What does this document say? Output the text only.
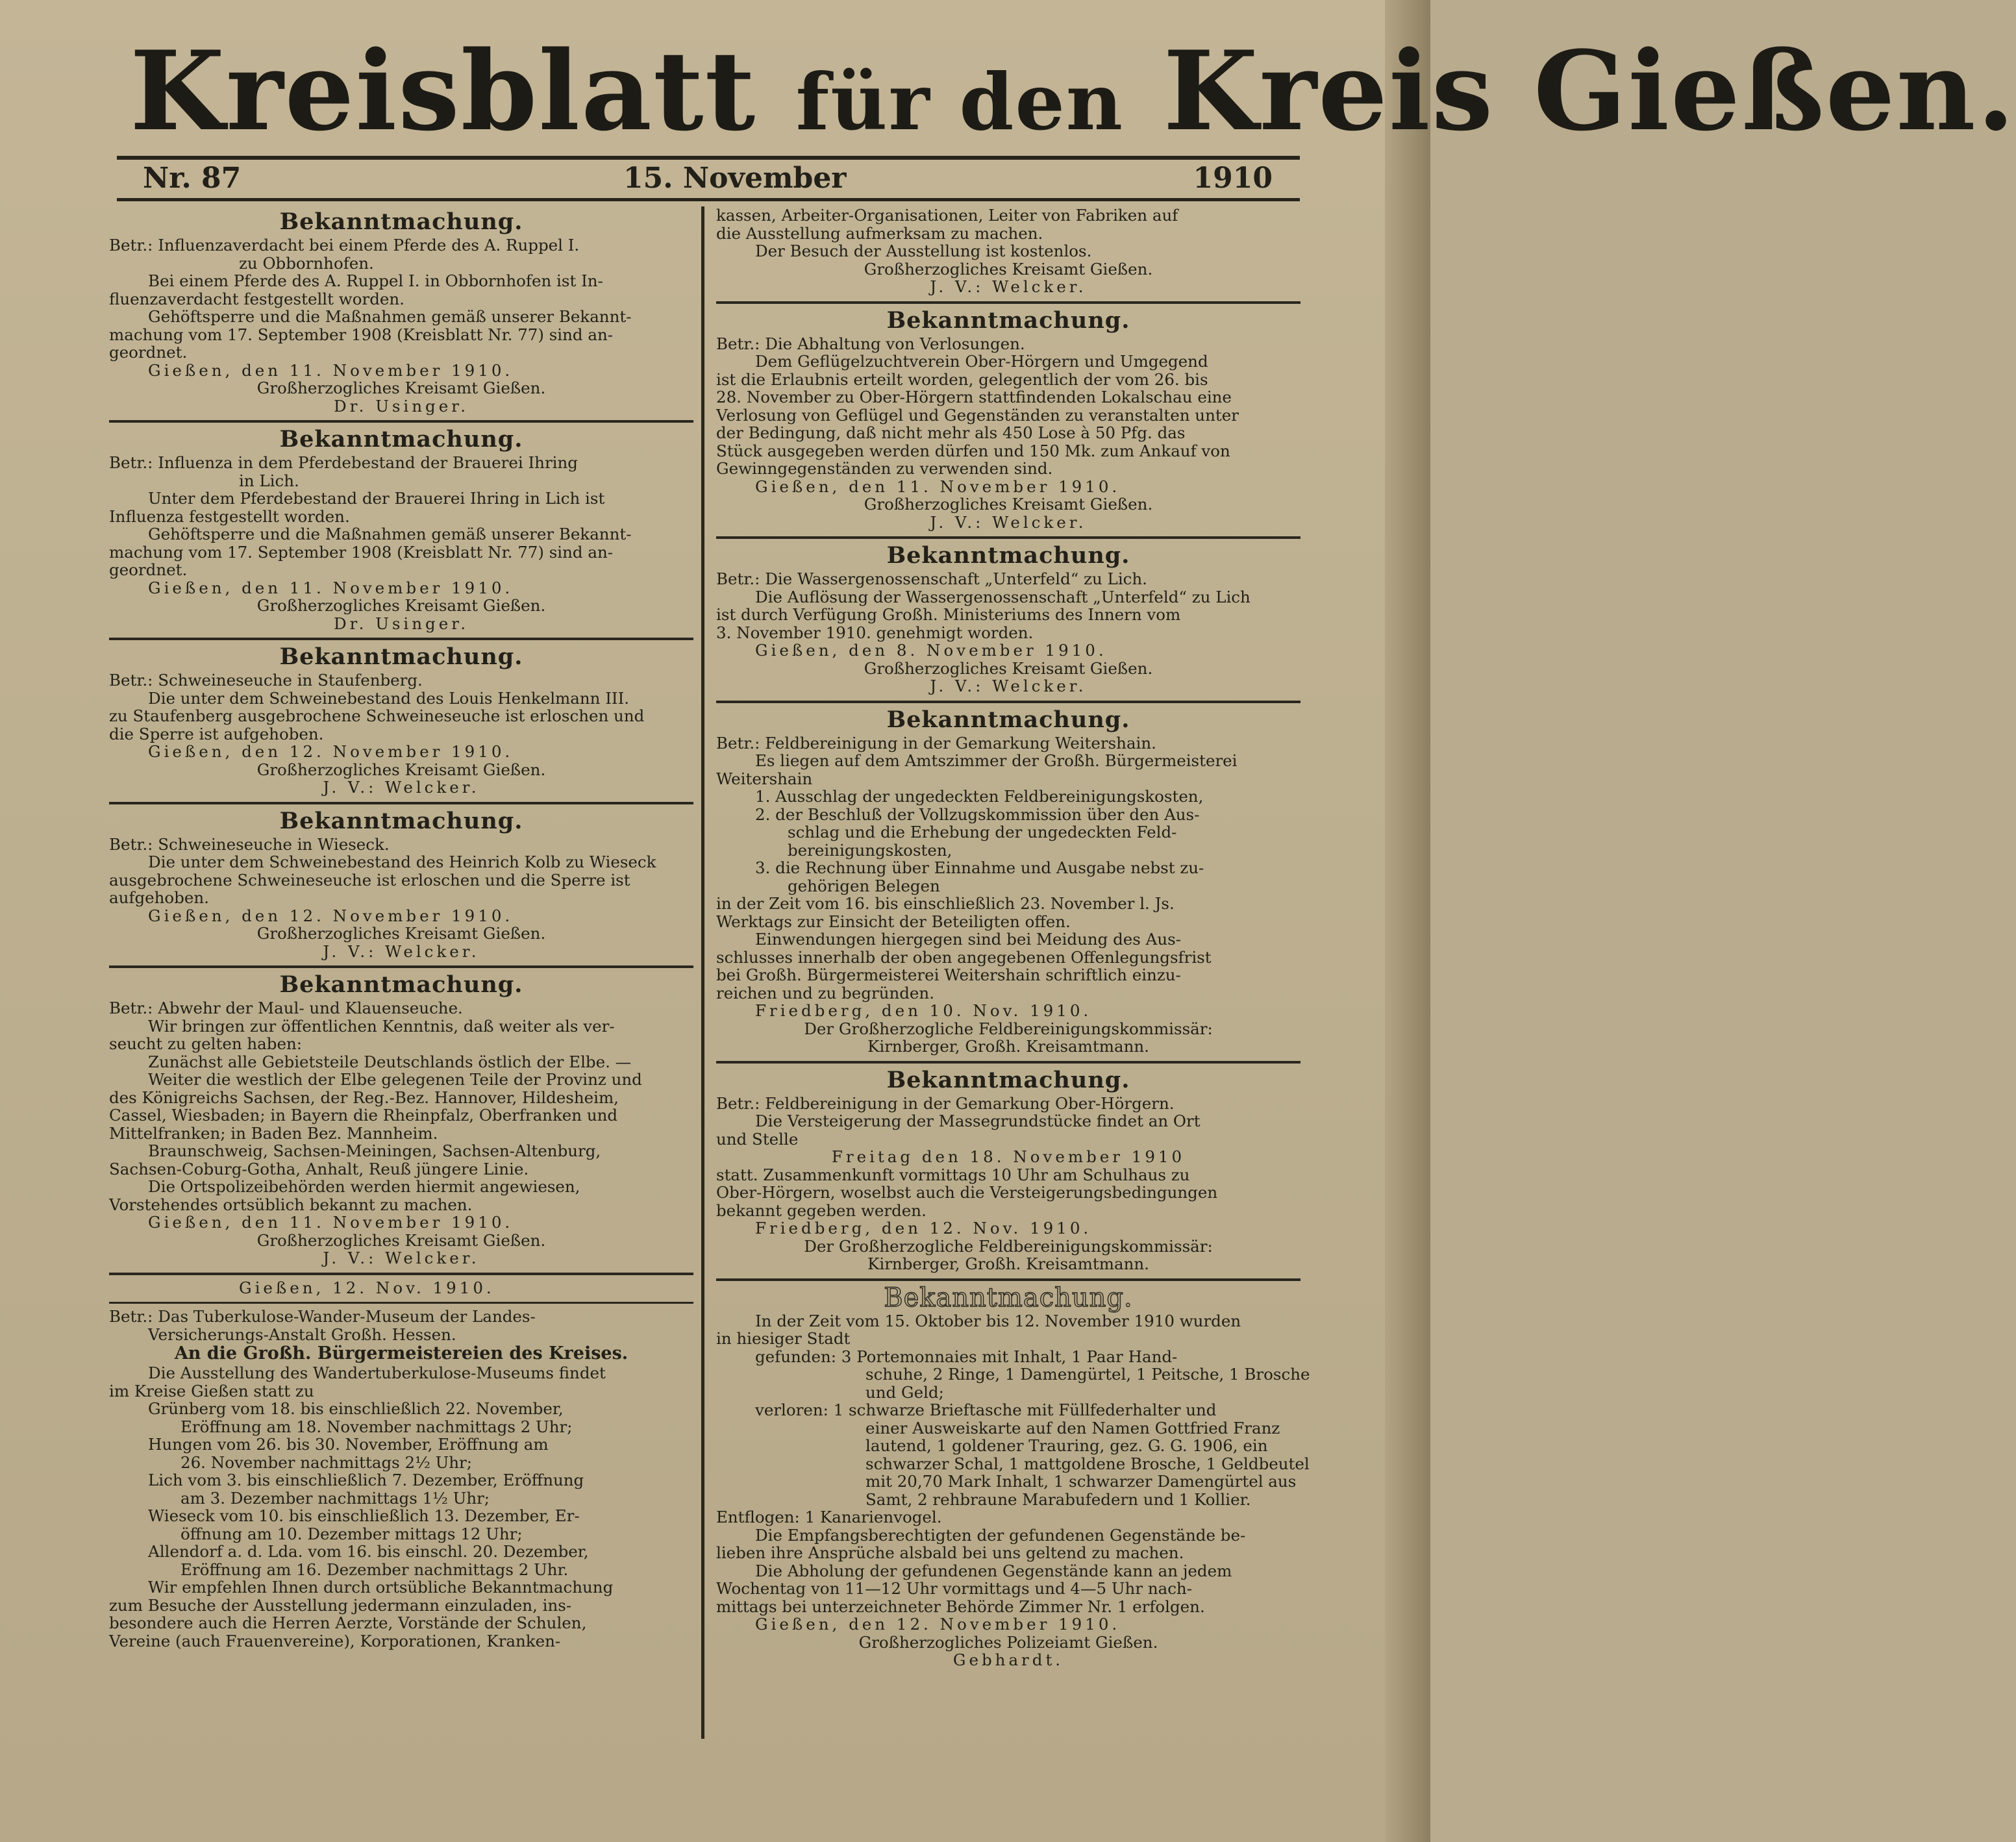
Kreisblatt für den Kreis Gießen.
Nr. 87	15. November	1910
Bekanntmachung.

Betr.: Influenzaverdacht bei einem Pferde des A. Ruppel I.

zu Obbornhofen.

Bei einem Pferde des A. Ruppel I. in Obbornhofen ist In-

fluenzaverdacht festgestellt worden.

Gehöftsperre und die Maßnahmen gemäß unserer Bekannt-

machung vom 17. September 1908 (Kreisblatt Nr. 77) sind an-

geordnet.

Gießen, den 11. November 1910.

Großherzogliches Kreisamt Gießen.

Dr. Usinger.

Bekanntmachung.

Betr.: Influenza in dem Pferdebestand der Brauerei Ihring

in Lich.

Unter dem Pferdebestand der Brauerei Ihring in Lich ist

Influenza festgestellt worden.

Gehöftsperre und die Maßnahmen gemäß unserer Bekannt-

machung vom 17. September 1908 (Kreisblatt Nr. 77) sind an-

geordnet.

Gießen, den 11. November 1910.

Großherzogliches Kreisamt Gießen.

Dr. Usinger.

Bekanntmachung.

Betr.: Schweineseuche in Staufenberg.

Die unter dem Schweinebestand des Louis Henkelmann III.

zu Staufenberg ausgebrochene Schweineseuche ist erloschen und

die Sperre ist aufgehoben.

Gießen, den 12. November 1910.

Großherzogliches Kreisamt Gießen.

J. V.: Welcker.

Bekanntmachung.

Betr.: Schweineseuche in Wieseck.

Die unter dem Schweinebestand des Heinrich Kolb zu Wieseck

ausgebrochene Schweineseuche ist erloschen und die Sperre ist

aufgehoben.

Gießen, den 12. November 1910.

Großherzogliches Kreisamt Gießen.

J. V.: Welcker.

Bekanntmachung.

Betr.: Abwehr der Maul- und Klauenseuche.

Wir bringen zur öffentlichen Kenntnis, daß weiter als ver-

seucht zu gelten haben:

Zunächst alle Gebietsteile Deutschlands östlich der Elbe. —

Weiter die westlich der Elbe gelegenen Teile der Provinz und

des Königreichs Sachsen, der Reg.-Bez. Hannover, Hildesheim,

Cassel, Wiesbaden; in Bayern die Rheinpfalz, Oberfranken und

Mittelfranken; in Baden Bez. Mannheim.

Braunschweig, Sachsen-Meiningen, Sachsen-Altenburg,

Sachsen-Coburg-Gotha, Anhalt, Reuß jüngere Linie.

Die Ortspolizeibehörden werden hiermit angewiesen,

Vorstehendes ortsüblich bekannt zu machen.

Gießen, den 11. November 1910.

Großherzogliches Kreisamt Gießen.

J. V.: Welcker.

Gießen, 12. Nov. 1910.

Betr.: Das Tuberkulose-Wander-Museum der Landes-

Versicherungs-Anstalt Großh. Hessen.

An die Großh. Bürgermeistereien des Kreises.

Die Ausstellung des Wandertuberkulose-Museums findet

im Kreise Gießen statt zu

Grünberg vom 18. bis einschließlich 22. November,

Eröffnung am 18. November nachmittags 2 Uhr;

Hungen vom 26. bis 30. November, Eröffnung am

26. November nachmittags 2½ Uhr;

Lich vom 3. bis einschließlich 7. Dezember, Eröffnung

am 3. Dezember nachmittags 1½ Uhr;

Wieseck vom 10. bis einschließlich 13. Dezember, Er-

öffnung am 10. Dezember mittags 12 Uhr;

Allendorf a. d. Lda. vom 16. bis einschl. 20. Dezember,

Eröffnung am 16. Dezember nachmittags 2 Uhr.

Wir empfehlen Ihnen durch ortsübliche Bekanntmachung

zum Besuche der Ausstellung jedermann einzuladen, ins-

besondere auch die Herren Aerzte, Vorstände der Schulen,

Vereine (auch Frauenvereine), Korporationen, Kranken-

kassen, Arbeiter-Organisationen, Leiter von Fabriken auf

die Ausstellung aufmerksam zu machen.

Der Besuch der Ausstellung ist kostenlos.

Großherzogliches Kreisamt Gießen.

J. V.: Welcker.

Bekanntmachung.

Betr.: Die Abhaltung von Verlosungen.

Dem Geflügelzuchtverein Ober-Hörgern und Umgegend

ist die Erlaubnis erteilt worden, gelegentlich der vom 26. bis

28. November zu Ober-Hörgern stattfindenden Lokalschau eine

Verlosung von Geflügel und Gegenständen zu veranstalten unter

der Bedingung, daß nicht mehr als 450 Lose à 50 Pfg. das

Stück ausgegeben werden dürfen und 150 Mk. zum Ankauf von

Gewinngegenständen zu verwenden sind.

Gießen, den 11. November 1910.

Großherzogliches Kreisamt Gießen.

J. V.: Welcker.

Bekanntmachung.

Betr.: Die Wassergenossenschaft „Unterfeld“ zu Lich.

Die Auflösung der Wassergenossenschaft „Unterfeld“ zu Lich

ist durch Verfügung Großh. Ministeriums des Innern vom

3. November 1910. genehmigt worden.

Gießen, den 8. November 1910.

Großherzogliches Kreisamt Gießen.

J. V.: Welcker.

Bekanntmachung.

Betr.: Feldbereinigung in der Gemarkung Weitershain.

Es liegen auf dem Amtszimmer der Großh. Bürgermeisterei

Weitershain

1. Ausschlag der ungedeckten Feldbereinigungskosten,

2. der Beschluß der Vollzugskommission über den Aus-

schlag und die Erhebung der ungedeckten Feld-

bereinigungskosten,

3. die Rechnung über Einnahme und Ausgabe nebst zu-

gehörigen Belegen

in der Zeit vom 16. bis einschließlich 23. November l. Js.

Werktags zur Einsicht der Beteiligten offen.

Einwendungen hiergegen sind bei Meidung des Aus-

schlusses innerhalb der oben angegebenen Offenlegungsfrist

bei Großh. Bürgermeisterei Weitershain schriftlich einzu-

reichen und zu begründen.

Friedberg, den 10. Nov. 1910.

Der Großherzogliche Feldbereinigungskommissär:

Kirnberger, Großh. Kreisamtmann.

Bekanntmachung.

Betr.: Feldbereinigung in der Gemarkung Ober-Hörgern.

Die Versteigerung der Massegrundstücke findet an Ort

und Stelle

Freitag den 18. November 1910

statt. Zusammenkunft vormittags 10 Uhr am Schulhaus zu

Ober-Hörgern, woselbst auch die Versteigerungsbedingungen

bekannt gegeben werden.

Friedberg, den 12. Nov. 1910.

Der Großherzogliche Feldbereinigungskommissär:

Kirnberger, Großh. Kreisamtmann.

Bekanntmachung.

In der Zeit vom 15. Oktober bis 12. November 1910 wurden

in hiesiger Stadt

gefunden: 3 Portemonnaies mit Inhalt, 1 Paar Hand-

schuhe, 2 Ringe, 1 Damengürtel, 1 Peitsche, 1 Brosche

und Geld;

verloren: 1 schwarze Brieftasche mit Füllfederhalter und

einer Ausweiskarte auf den Namen Gottfried Franz

lautend, 1 goldener Trauring, gez. G. G. 1906, ein

schwarzer Schal, 1 mattgoldene Brosche, 1 Geldbeutel

mit 20,70 Mark Inhalt, 1 schwarzer Damengürtel aus

Samt, 2 rehbraune Marabufedern und 1 Kollier.

Entflogen: 1 Kanarienvogel.

Die Empfangsberechtigten der gefundenen Gegenstände be-

lieben ihre Ansprüche alsbald bei uns geltend zu machen.

Die Abholung der gefundenen Gegenstände kann an jedem

Wochentag von 11—12 Uhr vormittags und 4—5 Uhr nach-

mittags bei unterzeichneter Behörde Zimmer Nr. 1 erfolgen.

Gießen, den 12. November 1910.

Großherzogliches Polizeiamt Gießen.

Gebhardt.
